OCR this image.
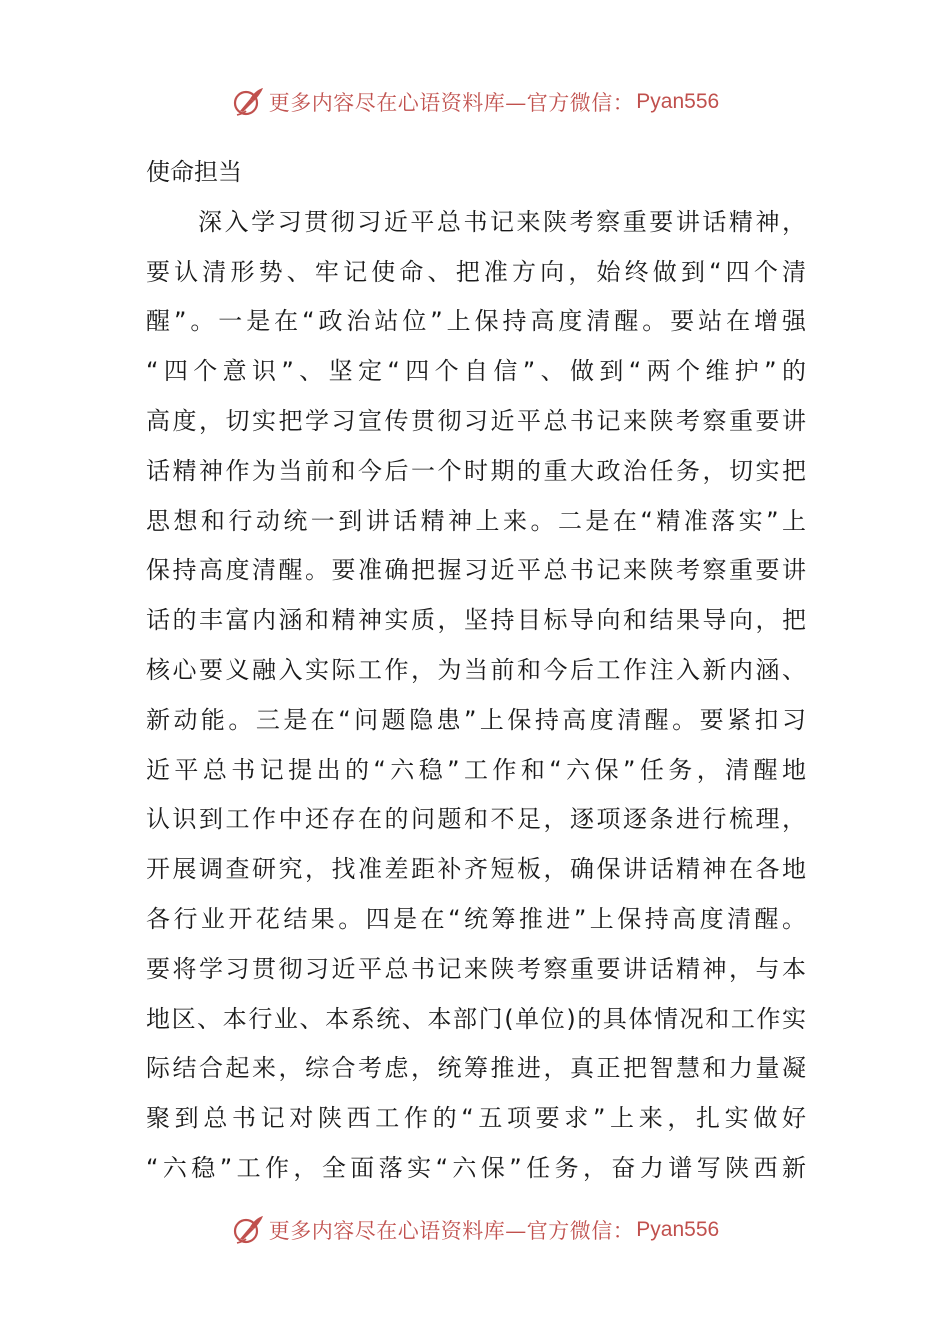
更多内容尽在心语资料库—官方微信： Pyan556
使命担当
深入学习贯彻习近平总书记来陕考察重要讲话精神，
要认清形势、牢记使命、把准方向，始终做到“四个清
醒”。一是在“政治站位”上保持高度清醒。要站在增强
“四个意识”、坚定“四个自信”、做到“两个维护”的
高度，切实把学习宣传贯彻习近平总书记来陕考察重要讲
话精神作为当前和今后一个时期的重大政治任务，切实把
思想和行动统一到讲话精神上来。二是在“精准落实”上
保持高度清醒。要准确把握习近平总书记来陕考察重要讲
话的丰富内涵和精神实质，坚持目标导向和结果导向，把
核心要义融入实际工作，为当前和今后工作注入新内涵、
新动能。三是在“问题隐患”上保持高度清醒。要紧扣习
近平总书记提出的“六稳”工作和“六保”任务，清醒地
认识到工作中还存在的问题和不足，逐项逐条进行梳理，
开展调查研究，找准差距补齐短板，确保讲话精神在各地
各行业开花结果。四是在“统筹推进”上保持高度清醒。
要将学习贯彻习近平总书记来陕考察重要讲话精神，与本
地区、本行业、本系统、本部门(单位)的具体情况和工作实
际结合起来，综合考虑，统筹推进，真正把智慧和力量凝
聚到总书记对陕西工作的“五项要求”上来，扎实做好
“六稳”工作，全面落实“六保”任务，奋力谱写陕西新
更多内容尽在心语资料库—官方微信： Pyan556
